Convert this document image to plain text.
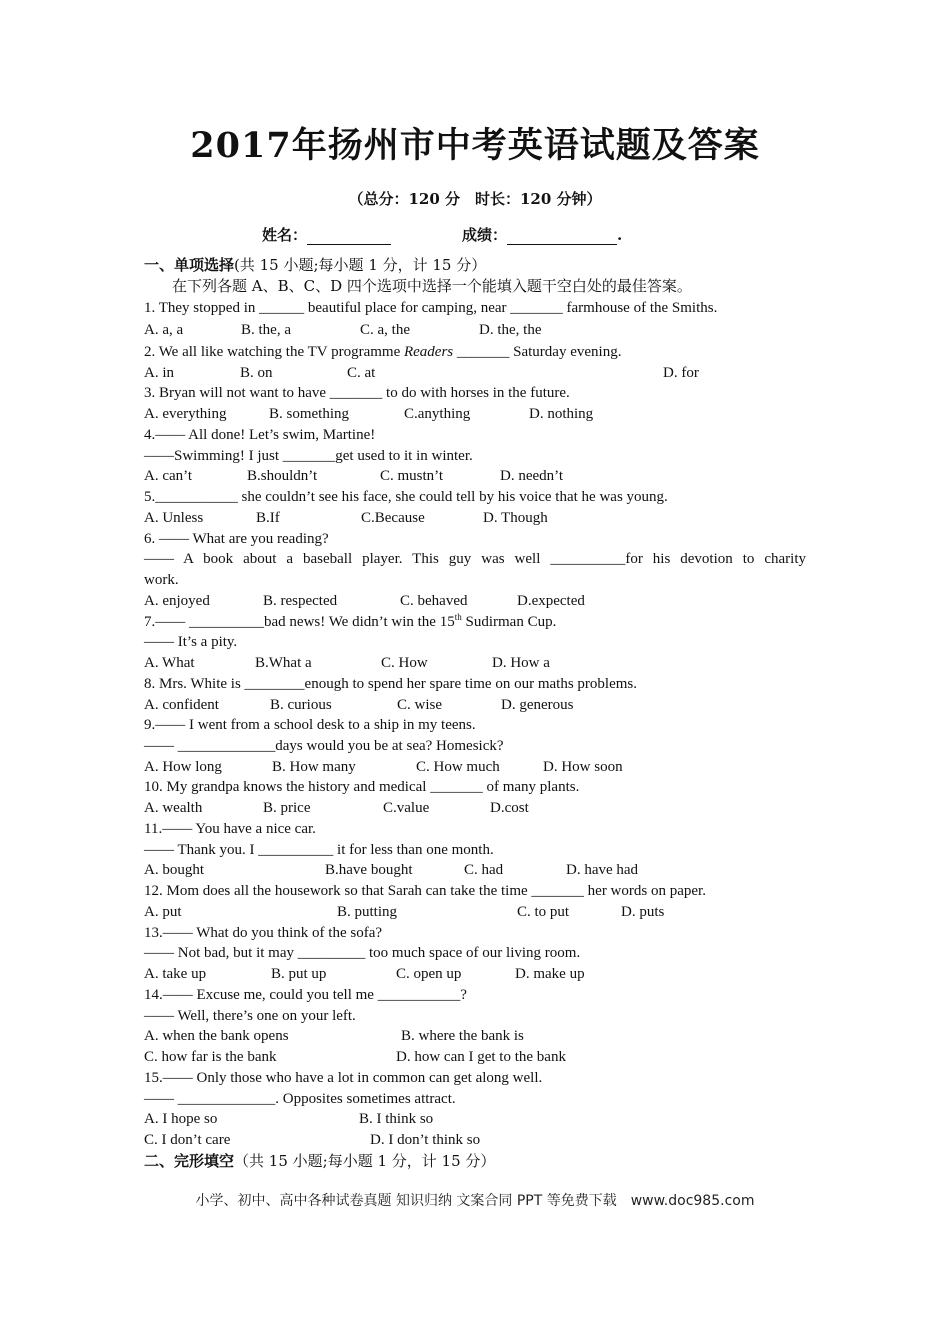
2017年扬州市中考英语试题及答案
（总分：120 分　时长：120 分钟）
姓名：	成绩：	.
一、单项选择(共 15 小题;每小题 1 分，计 15 分）
在下列各题 A、B、C、D 四个选项中选择一个能填入题干空白处的最佳答案。
1. They stopped in ______ beautiful place for camping, near _______ farmhouse of the Smiths.
A. a, a	B. the, a	C. a, the	D. the, the
2. We all like watching the TV programme Readers _______ Saturday evening.
A. in	B. on	C. at	D. for
3. Bryan will not want to have _______ to do with horses in the future.
A. everything	B. something	C.anything	D. nothing
4.—— All done! Let’s swim, Martine!
——Swimming! I just _______get used to it in winter.
A. can’t	B.shouldn’t	C. mustn’t	D. needn’t
5.___________ she couldn’t see his face, she could tell by his voice that he was young.
A. Unless	B.If	C.Because	D. Though
6. —— What are you reading?
—— A book about a baseball player. This guy was well __________for his devotion to charity
work.
A. enjoyed	B. respected	C. behaved	D.expected
7.—— __________bad news! We didn’t win the 15th Sudirman Cup.
—— It’s a pity.
A. What	B.What a	C. How	D. How a
8. Mrs. White is ________enough to spend her spare time on our maths problems.
A. confident	B. curious	C. wise	D. generous
9.—— I went from a school desk to a ship in my teens.
—— _____________days would you be at sea? Homesick?
A. How long	B. How many	C. How much	D. How soon
10. My grandpa knows the history and medical _______ of many plants.
A. wealth	B. price	C.value	D.cost
11.—— You have a nice car.
—— Thank you. I __________ it for less than one month.
A. bought	B.have bought	C. had	D. have had
12. Mom does all the housework so that Sarah can take the time _______ her words on paper.
A. put	B. putting	C. to put	D. puts
13.—— What do you think of the sofa?
—— Not bad, but it may _________ too much space of our living room.
A. take up	B. put up	C. open up	D. make up
14.—— Excuse me, could you tell me ___________?
—— Well, there’s one on your left.
A. when the bank opens	B. where the bank is
C. how far is the bank	D. how can I get to the bank
15.—— Only those who have a lot in common can get along well.
—— _____________. Opposites sometimes attract.
A. I hope so	B. I think so
C. I don’t care	D. I don’t think so
二、完形填空（共 15 小题;每小题 1 分，计 15 分）
小学、初中、高中各种试卷真题 知识归纳 文案合同 PPT 等免费下载　www.doc985.com
